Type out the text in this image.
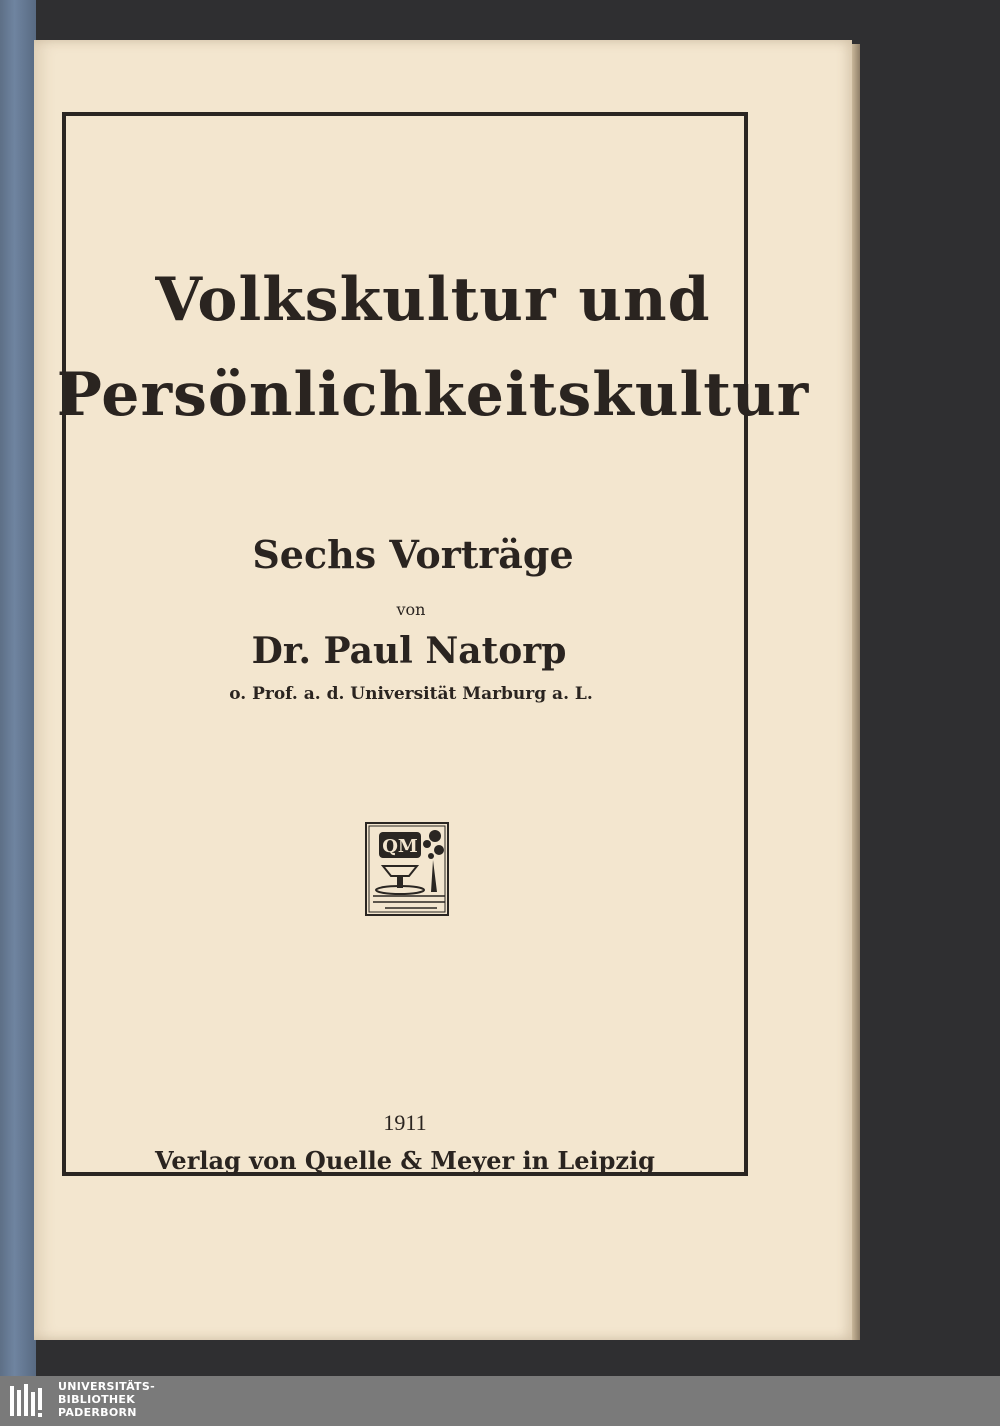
Volkskultur und
Persönlichkeitskultur
Sechs Vorträge
von
Dr. Paul Natorp
o. Prof. a. d. Universität Marburg a. L.
QM
1911
Verlag von Quelle & Meyer in Leipzig
UNIVERSITÄTS-
BIBLIOTHEK
PADERBORN
